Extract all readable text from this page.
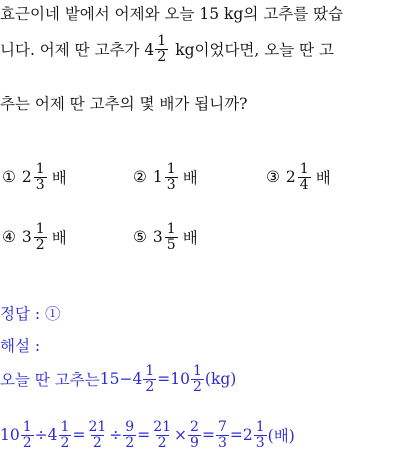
효근이네 밭에서 어제와 오늘 15 kg의 고추를 땄습
니다. 어제 딴 고추가 $4 \frac{1}{2}$ kg이었다면, 오늘 딴 고
추는 어제 딴 고추의 몇 배가 됩니까?
① $2 \frac{1}{3}$ 배	② $1 \frac{1}{3}$ 배	③ $2 \frac{1}{4}$ 배
④ $3 \frac{1}{2}$ 배	⑤ $3 \frac{1}{5}$ 배
정답 : ①
해설 :
오늘 딴 고추는 $15 - 4 \frac{1}{2} = 10 \frac{1}{2} (kg)$
$10 \frac{1}{2} \div 4 \frac{1}{2} = \frac{21}{2} \div \frac{9}{2} = \frac{21}{2} \times \frac{2}{9} = \frac{7}{3} = 2 \frac{1}{3}$ (배)
